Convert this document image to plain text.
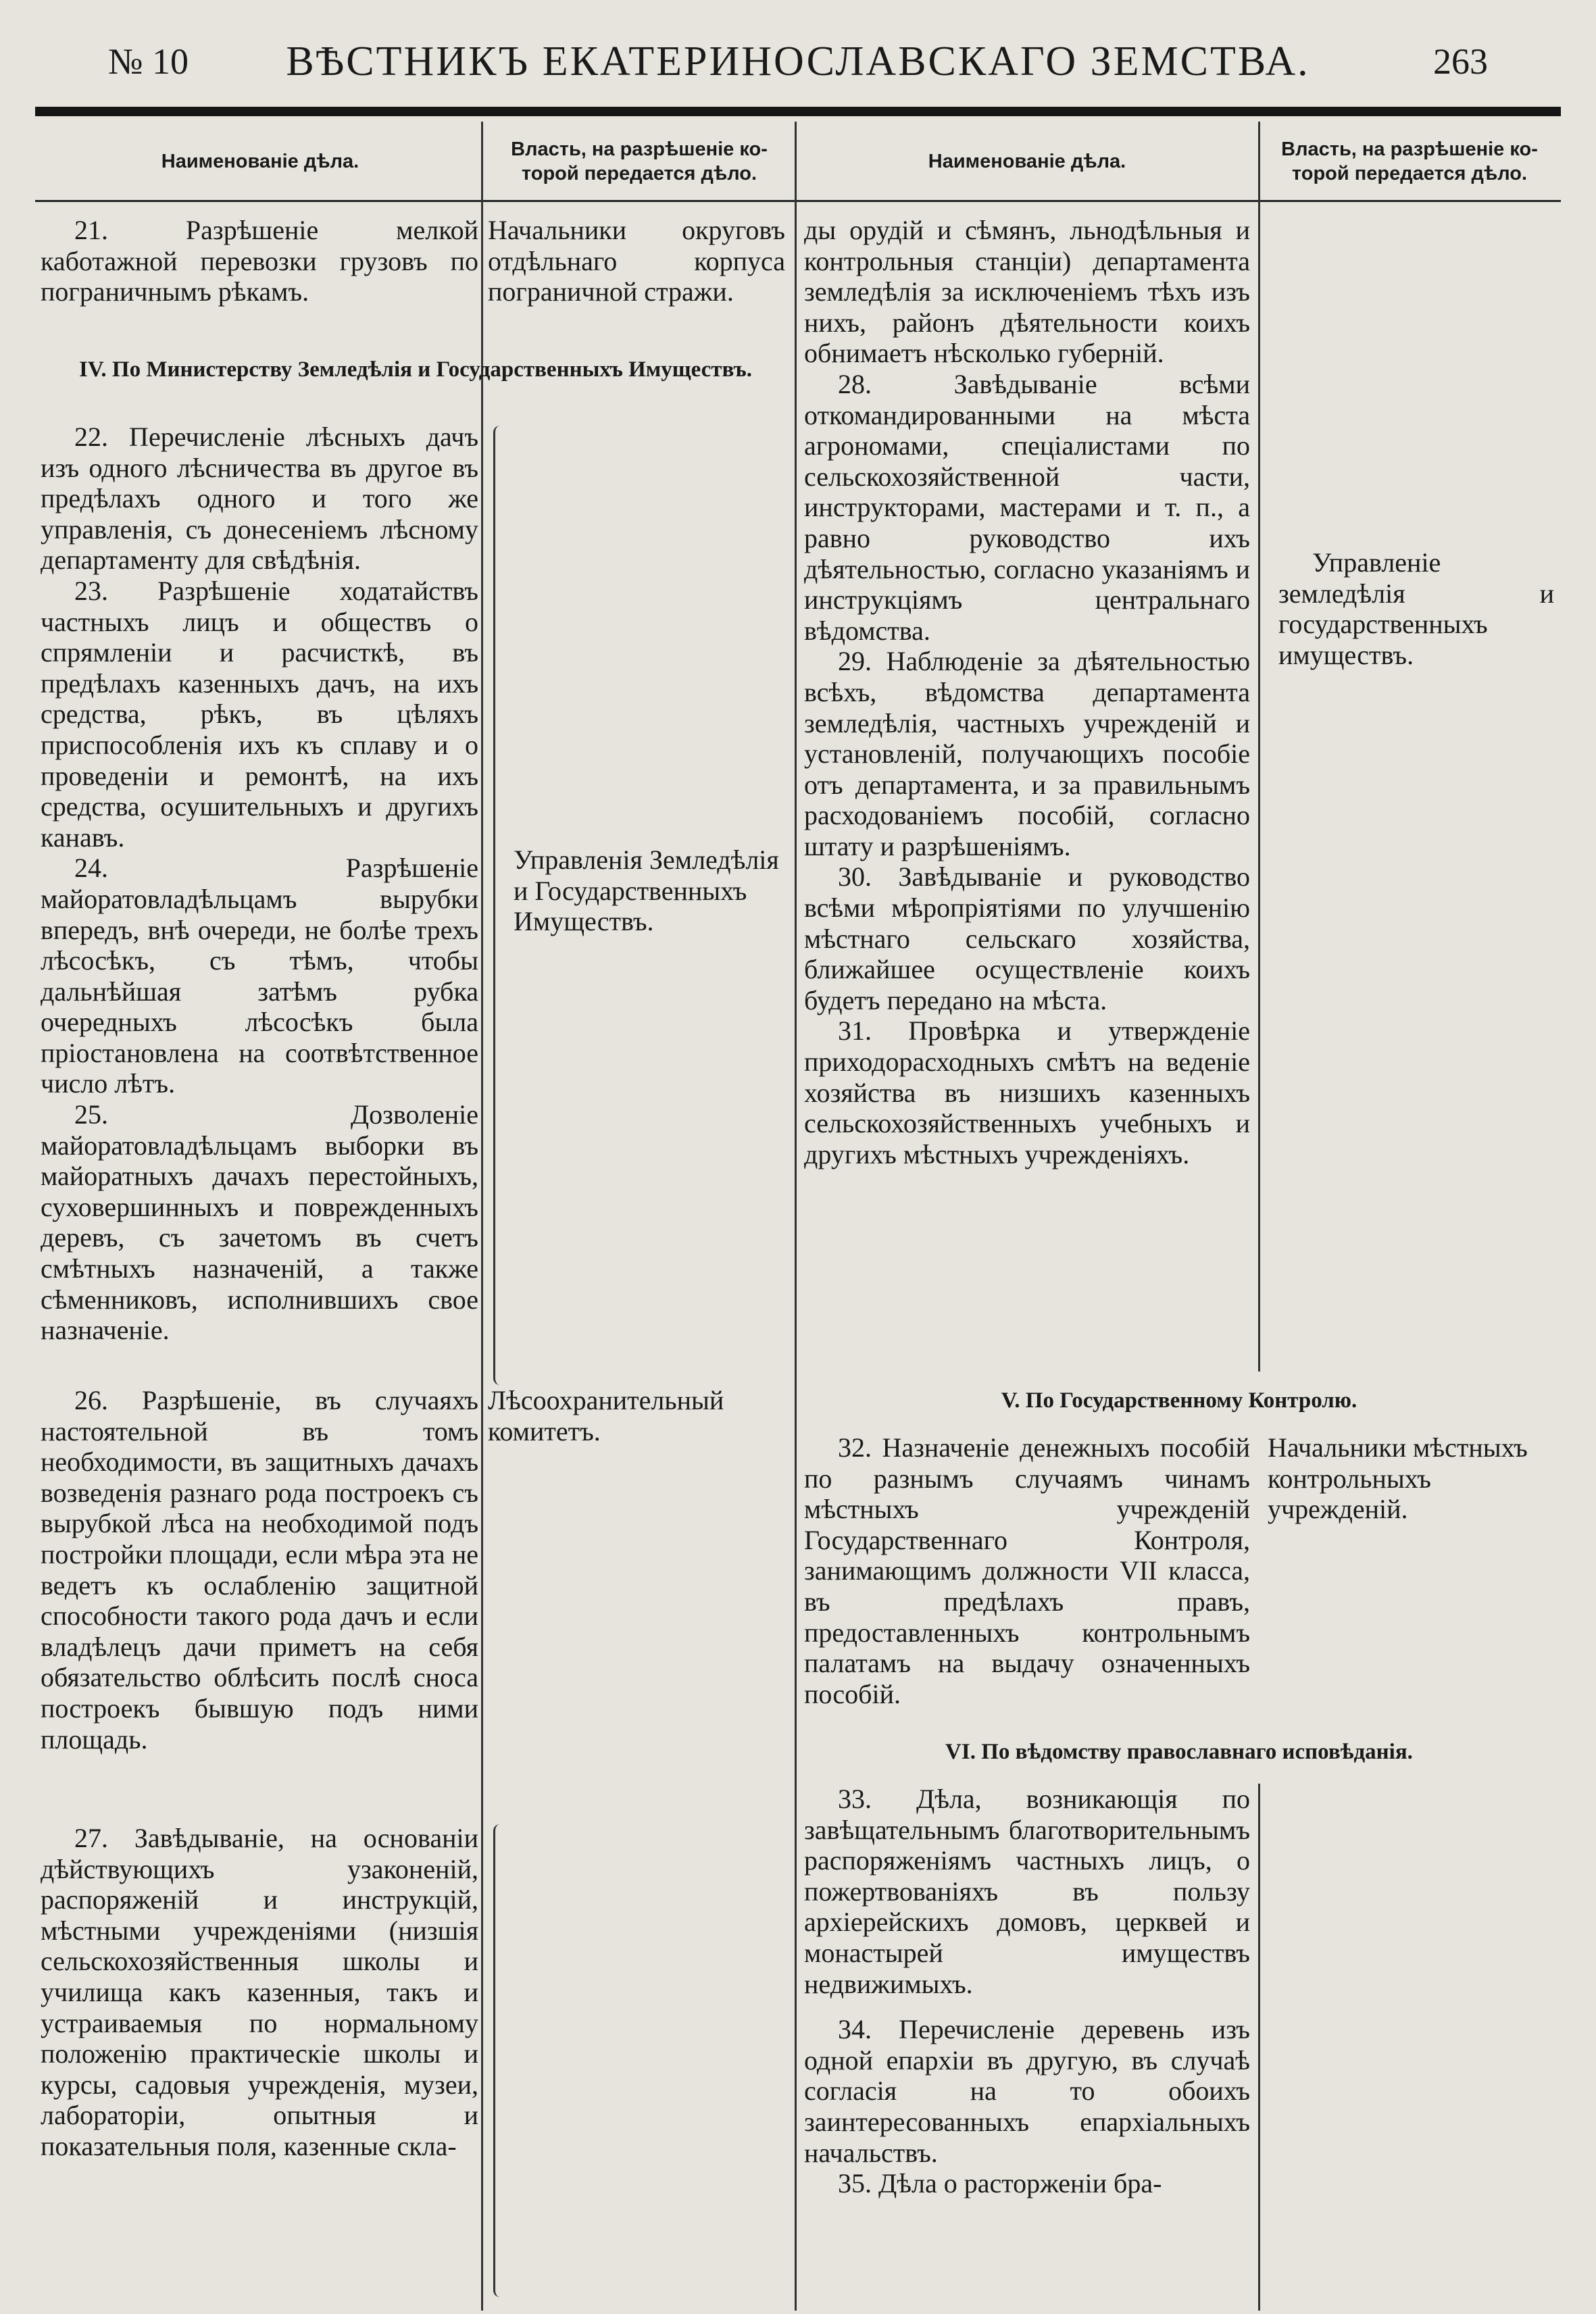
№ 10	ВѢСТНИКЪ ЕКАТЕРИНОСЛАВСКАГО ЗЕМСТВА.	263
Наименованіе дѣла.
Власть, на разрѣшеніе ко-торой передается дѣло.
Наименованіе дѣла.
Власть, на разрѣшеніе ко-торой передается дѣло.

21. Разрѣшеніе мелкой каботажной перевозки грузовъ по пограничнымъ рѣкамъ.

Начальники округовъ отдѣльнаго корпуса пограничной стражи.

IV. По Министерству Земледѣлія и Государственныхъ Имуществъ.

22. Перечисленіе лѣсныхъ дачъ изъ одного лѣсничества въ другое въ предѣлахъ одного и того же управленія, съ донесеніемъ лѣсному департаменту для свѣдѣнія.

23. Разрѣшеніе ходатайствъ частныхъ лицъ и обществъ о спрямленіи и расчисткѣ, въ предѣлахъ казенныхъ дачъ, на ихъ средства, рѣкъ, въ цѣляхъ приспособленія ихъ къ сплаву и о проведеніи и ремонтѣ, на ихъ средства, осушительныхъ и другихъ канавъ.

24. Разрѣшеніе майоратовладѣльцамъ вырубки впередъ, внѣ очереди, не болѣе трехъ лѣсосѣкъ, съ тѣмъ, чтобы дальнѣйшая затѣмъ рубка очередныхъ лѣсосѣкъ была пріостановлена на соотвѣтственное число лѣтъ.

25. Дозволеніе майоратовладѣльцамъ выборки въ майоратныхъ дачахъ перестойныхъ, суховершинныхъ и поврежденныхъ деревъ, съ зачетомъ въ счетъ смѣтныхъ назначеній, а также сѣменниковъ, исполнившихъ свое назначеніе.

Управленія Земледѣлія и Государственныхъ Имуществъ.

26. Разрѣшеніе, въ случаяхъ настоятельной въ томъ необходимости, въ защитныхъ дачахъ возведенія разнаго рода построекъ съ вырубкой лѣса на необходимой подъ постройки площади, если мѣра эта не ведетъ къ ослабленію защитной способности такого рода дачъ и если владѣлецъ дачи приметъ на себя обязательство облѣсить послѣ сноса построекъ бывшую подъ ними площадь.

Лѣсоохранительный комитетъ.

27. Завѣдываніе, на основаніи дѣйствующихъ узаконеній, распоряженій и инструкцій, мѣстными учрежденіями (низшія сельскохозяйственныя школы и училища какъ казенныя, такъ и устраиваемыя по нормальному положенію практическіе школы и курсы, садовыя учрежденія, музеи, лабораторіи, опытныя и показательныя поля, казенные скла-

ды орудій и сѣмянъ, льнодѣльныя и контрольныя станціи) департамента земледѣлія за исключеніемъ тѣхъ изъ нихъ, районъ дѣятельности коихъ обнимаетъ нѣсколько губерній.

28. Завѣдываніе всѣми откомандированными на мѣста агрономами, спеціалистами по сельскохозяйственной части, инструкторами, мастерами и т. п., а равно руководство ихъ дѣятельностью, согласно указаніямъ и инструкціямъ центральнаго вѣдомства.

29. Наблюденіе за дѣятельностью всѣхъ, вѣдомства департамента земледѣлія, частныхъ учрежденій и установленій, получающихъ пособіе отъ департамента, и за правильнымъ расходованіемъ пособій, согласно штату и разрѣшеніямъ.

30. Завѣдываніе и руководство всѣми мѣропріятіями по улучшенію мѣстнаго сельскаго хозяйства, ближайшее осуществленіе коихъ будетъ передано на мѣста.

31. Провѣрка и утвержденіе приходорасходныхъ смѣтъ на веденіе хозяйства въ низшихъ казенныхъ сельскохозяйственныхъ учебныхъ и другихъ мѣстныхъ учрежденіяхъ.

Управленіе земледѣлія и государственныхъ имуществъ.

V. По Государственному Контролю.

32. Назначеніе денежныхъ пособій по разнымъ случаямъ чинамъ мѣстныхъ учрежденій Государственнаго Контроля, занимающимъ должности VII класса, въ предѣлахъ правъ, предоставленныхъ контрольнымъ палатамъ на выдачу означенныхъ пособій.

Начальники мѣстныхъ контрольныхъ учрежденій.

VI. По вѣдомству православнаго исповѣданія.

33. Дѣла, возникающія по завѣщательнымъ благотворительнымъ распоряженіямъ частныхъ лицъ, о пожертвованіяхъ въ пользу архіерейскихъ домовъ, церквей и монастырей имуществъ недвижимыхъ.

34. Перечисленіе деревень изъ одной епархіи въ другую, въ случаѣ согласія на то обоихъ заинтересованныхъ епархіальныхъ начальствъ.

35. Дѣла о расторженіи бра-
